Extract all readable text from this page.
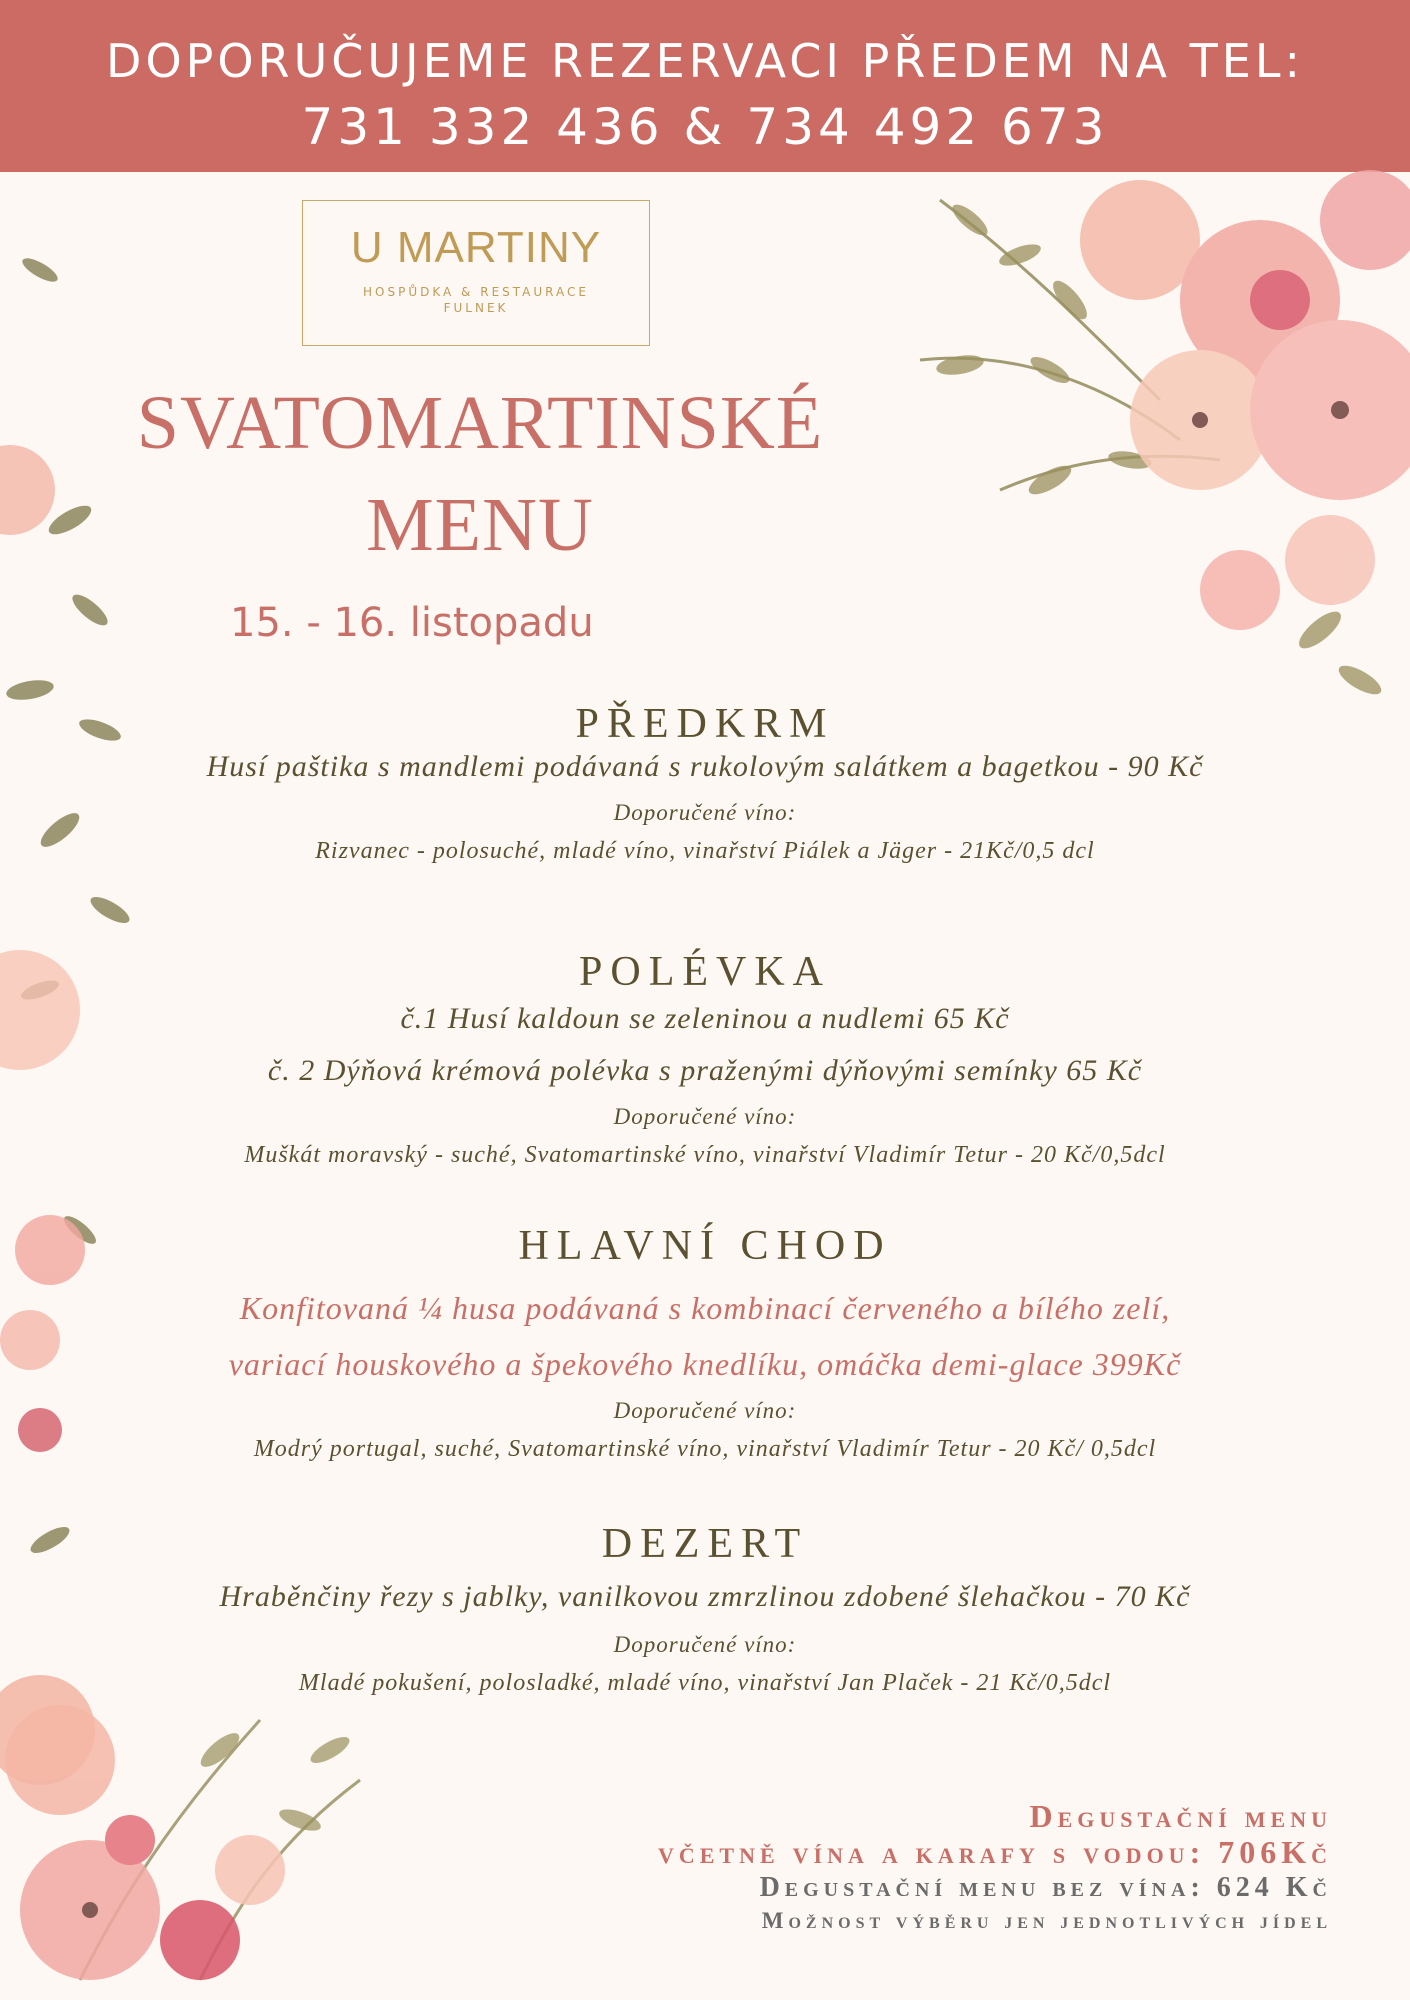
DOPORUČUJEME REZERVACI PŘEDEM NA TEL:
731 332 436 & 734 492 673
U MARTINY
HOSPŮDKA & RESTAURACE
FULNEK
SVATOMARTINSKÉ
MENU
15. - 16. listopadu
PŘEDKRM
Husí paštika s mandlemi podávaná s rukolovým salátkem a bagetkou - 90 Kč
Doporučené víno:
Rizvanec - polosuché, mladé víno, vinařství Piálek a Jäger - 21Kč/0,5 dcl
POLÉVKA
č.1 Husí kaldoun se zeleninou a nudlemi 65 Kč
č. 2 Dýňová krémová polévka s praženými dýňovými semínky 65 Kč
Doporučené víno:
Muškát moravský - suché, Svatomartinské víno, vinařství Vladimír Tetur - 20 Kč/0,5dcl
HLAVNÍ CHOD
Konfitovaná ¼ husa podávaná s kombinací červeného a bílého zelí,
variací houskového a špekového knedlíku, omáčka demi-glace 399Kč
Doporučené víno:
Modrý portugal, suché, Svatomartinské víno, vinařství Vladimír Tetur - 20 Kč/ 0,5dcl
DEZERT
Hraběnčiny řezy s jablky, vanilkovou zmrzlinou zdobené šlehačkou - 70 Kč
Doporučené víno:
Mladé pokušení, polosladké, mladé víno, vinařství Jan Plaček - 21 Kč/0,5dcl
Degustační menu
včetně vína a karafy s vodou: 706Kč
Degustační menu bez vína: 624 Kč
Možnost výběru jen jednotlivých jídel
